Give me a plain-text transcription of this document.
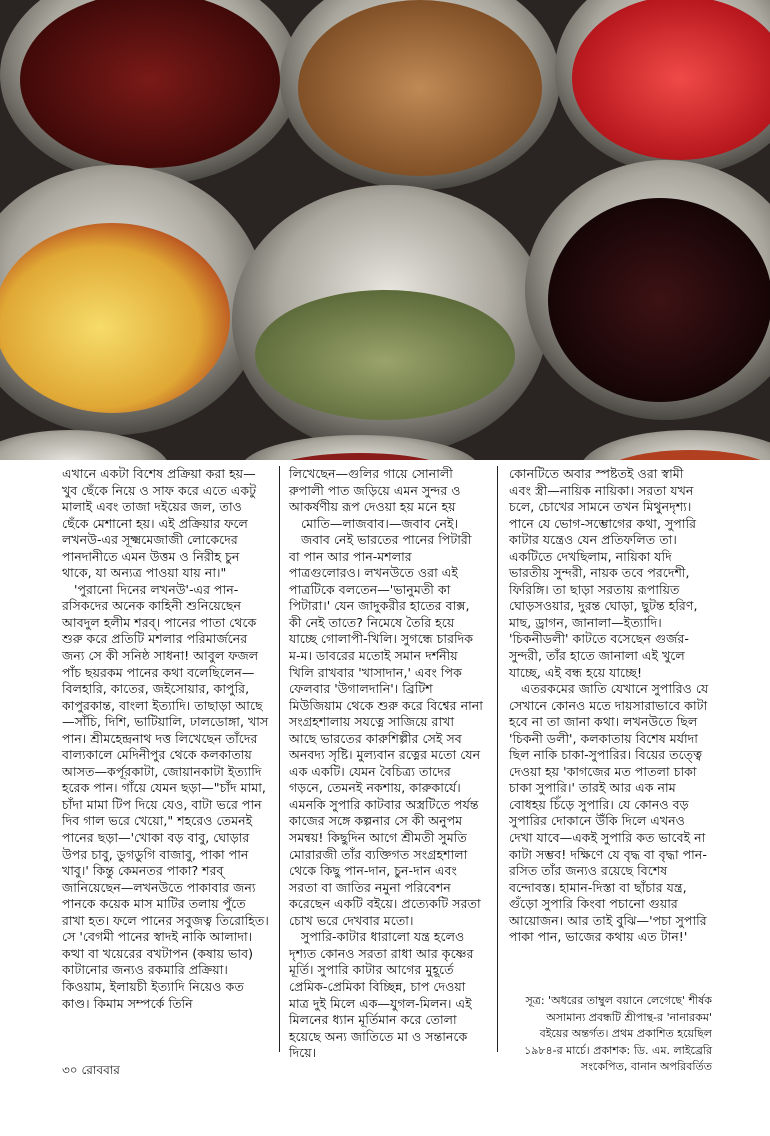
এখানে একটা বিশেষ প্রক্রিয়া করা হয়—খুব ছেঁকে নিয়ে ও সাফ করে এতে একটু মালাই এবং তাজা দইয়ের জল, তাও ছেঁকে মেশানো হয়। এই প্রক্রিয়ার ফলে লখনউ-এর সূক্ষ্মমেজাজী লোকেদের পানদানীতে এমন উত্তম ও নিরীহ চুন থাকে, যা অন্যত্র পাওয়া যায় না।"

'পুরানো দিনের লখনউ'-এর পান-রসিকদের অনেক কাহিনী শুনিয়েছেন আবদুল হলীম শরব্। পানের পাতা থেকে শুরু করে প্রতিটি মশলার পরিমার্জনের জন্য সে কী সনিষ্ঠ সাধনা! আবুল ফজল পাঁচ ছয়রকম পানের কথা বলেছিলেন—বিলহারি, কাতের, জইসোয়ার, কাপুরি, কাপুরকান্ত, বাংলা ইত্যাদি। তাছাড়া আছে—সাঁচি, দিশি, ভাটিয়ালি, ঢালডোঙ্গা, খাস পান। শ্রীমহেন্দ্রনাথ দত্ত লিখেছেন তাঁদের বাল্যকালে মেদিনীপুর থেকে কলকাতায় আসত—কর্পূরকাটা, জোয়ানকাটা ইত্যাদি হরেক পান। গাঁয়ে যেমন ছড়া—"চাঁদ মামা, চাঁদা মামা টিপ দিয়ে যেও, বাটা ভরে পান দিব গাল ভরে খেয়ো," শহরেও তেমনই পানের ছড়া—'খোকা বড় বাবু, ঘোড়ার উপর চাবু, ডুগডুগি বাজাবু, পাকা পান খাবু।' কিন্তু কেমনতর পাকা? শরব্ জানিয়েছেন—লখনউতে পাকাবার জন্য পানকে কয়েক মাস মাটির তলায় পুঁতে রাখা হত। ফলে পানের সবুজত্ব তিরোহিত। সে 'বেগমী পানের স্বাদই নাকি আলাদা। কত্থা বা খয়েরের বখটাপন (কষায় ভাব) কাটানোর জন্যও রকমারি প্রক্রিয়া। কিওয়াম, ইলায়চী ইত্যাদি নিয়েও কত কাণ্ড। কিমাম সম্পর্কে তিনি

লিখেছেন—গুলির গায়ে সোনালী রুপালী পাত জড়িয়ে এমন সুন্দর ও আকর্ষণীয় রূপ দেওয়া হয় মনে হয়

মোতি—লাজবাব।—জবাব নেই।

জবাব নেই ভারতের পানের পিটারী বা পান আর পান-মশলার পাত্রগুলোরও। লখনউতে ওরা এই পাত্রটিকে বলতেন—'ভানুমতী কা পিটারা।' যেন জাদুকরীর হাতের বাক্স, কী নেই তাতে? নিমেষে তৈরি হয়ে যাচ্ছে গোলাপী-খিলি। সুগন্ধে চারদিক ম-ম। ডাবরের মতোই সমান দর্শনীয় খিলি রাখবার 'খাসাদান,' এবং পিক ফেলবার 'উগালদানি'। ব্রিটিশ মিউজিয়াম থেকে শুরু করে বিশ্বের নানা সংগ্রহশালায় সযত্নে সাজিয়ে রাখা আছে ভারতের কারুশিল্পীর সেই সব অনবদ্য সৃষ্টি। মুল্যবান রত্নের মতো যেন এক একটি। যেমন বৈচিত্র্য তাদের গড়নে, তেমনই নকশায়, কারুকার্যে। এমনকি সুপারি কাটবার অস্ত্রটিতে পর্যন্ত কাজের সঙ্গে কল্পনার সে কী অনুপম সমন্বয়! কিছুদিন আগে শ্রীমতী সুমতি মোরারজী তাঁর ব্যক্তিগত সংগ্রহশালা থেকে কিছু পান-দান, চুন-দান এবং সরতা বা জাতির নমুনা পরিবেশন করেছেন একটি বইয়ে। প্রত্যেকটি সরতা চোখ ভরে দেখবার মতো।

সুপারি-কাটার ধারালো যন্ত্র হলেও দৃশ্যত কোনও সরতা রাধা আর কৃষ্ণের মূর্তি। সুপারি কাটার আগের মুহূর্তে প্রেমিক-প্রেমিকা বিচ্ছিন্ন, চাপ দেওয়া মাত্র দুই মিলে এক—যুগল-মিলন। এই মিলনের ধ্যান মূর্তিমান করে তোলা হয়েছে অন্য জাতিতে মা ও সন্তানকে দিয়ে।

কোনটিতে অবার স্পষ্টতই ওরা স্বামী এবং স্ত্রী—নায়িক নায়িকা। সরতা যখন চলে, চোখের সামনে তখন মিথুনদৃশ্য। পানে যে ভোগ-সম্ভোগের কথা, সুপারি কাটার যন্ত্রেও যেন প্রতিফলিত তা। একটিতে দেখছিলাম, নায়িকা যদি ভারতীয় সুন্দরী, নায়ক তবে পরদেশী, ফিরিঙ্গি। তা ছাড়া সরতায় রূপায়িত ঘোড়সওয়ার, দুরন্ত ঘোড়া, ছুটন্ত হরিণ, মাছ, ড্রাগন, জানালা—ইত্যাদি। 'চিকনীডলী' কাটতে বসেছেন গুর্জর-সুন্দরী, তাঁর হাতে জানালা এই খুলে যাচ্ছে, এই বন্ধ হয়ে যাচ্ছে!

এতরকমের জাতি যেখানে সুপারিও যে সেখানে কোনও মতে দায়সারাভাবে কাটা হবে না তা জানা কথা। লখনউতে ছিল 'চিকনী ডলী', কলকাতায় বিশেষ মর্যাদা ছিল নাকি চাকা-সুপারির। বিয়ের তত্ত্বে দেওয়া হয় 'কাগজের মত পাতলা চাকা চাকা সুপারি।' তারই আর এক নাম বোধহয় চিঁড়ে সুপারি। যে কোনও বড় সুপারির দোকানে উঁকি দিলে এখনও দেখা যাবে—একই সুপারি কত ভাবেই না কাটা সম্ভব! দক্ষিণে যে বৃদ্ধ বা বৃদ্ধা পান-রসিত তাঁর জন্যও রয়েছে বিশেষ বন্দোবস্ত। হামান-দিস্তা বা ছাঁচার যন্ত্র, গুঁড়ো সুপারি কিংবা পচানো গুয়ার আয়োজন। আর তাই বুঝি—'পচা সুপারি পাকা পান, ভাজের কথায় এত টান!'

সূত্র: 'অধরের তাম্বুল বয়ানে লেগেছে' শীর্ষক অসামান্য প্রবন্ধটি শ্রীপান্থ-র 'নানারকম' বইয়ের অন্তর্গত। প্রথম প্রকাশিত হয়েছিল ১৯৮৪-র মার্চে। প্রকাশক: ডি. এম. লাইব্রেরি সংকেপিত, বানান অপরিবর্তিত
৩০ রোববার
